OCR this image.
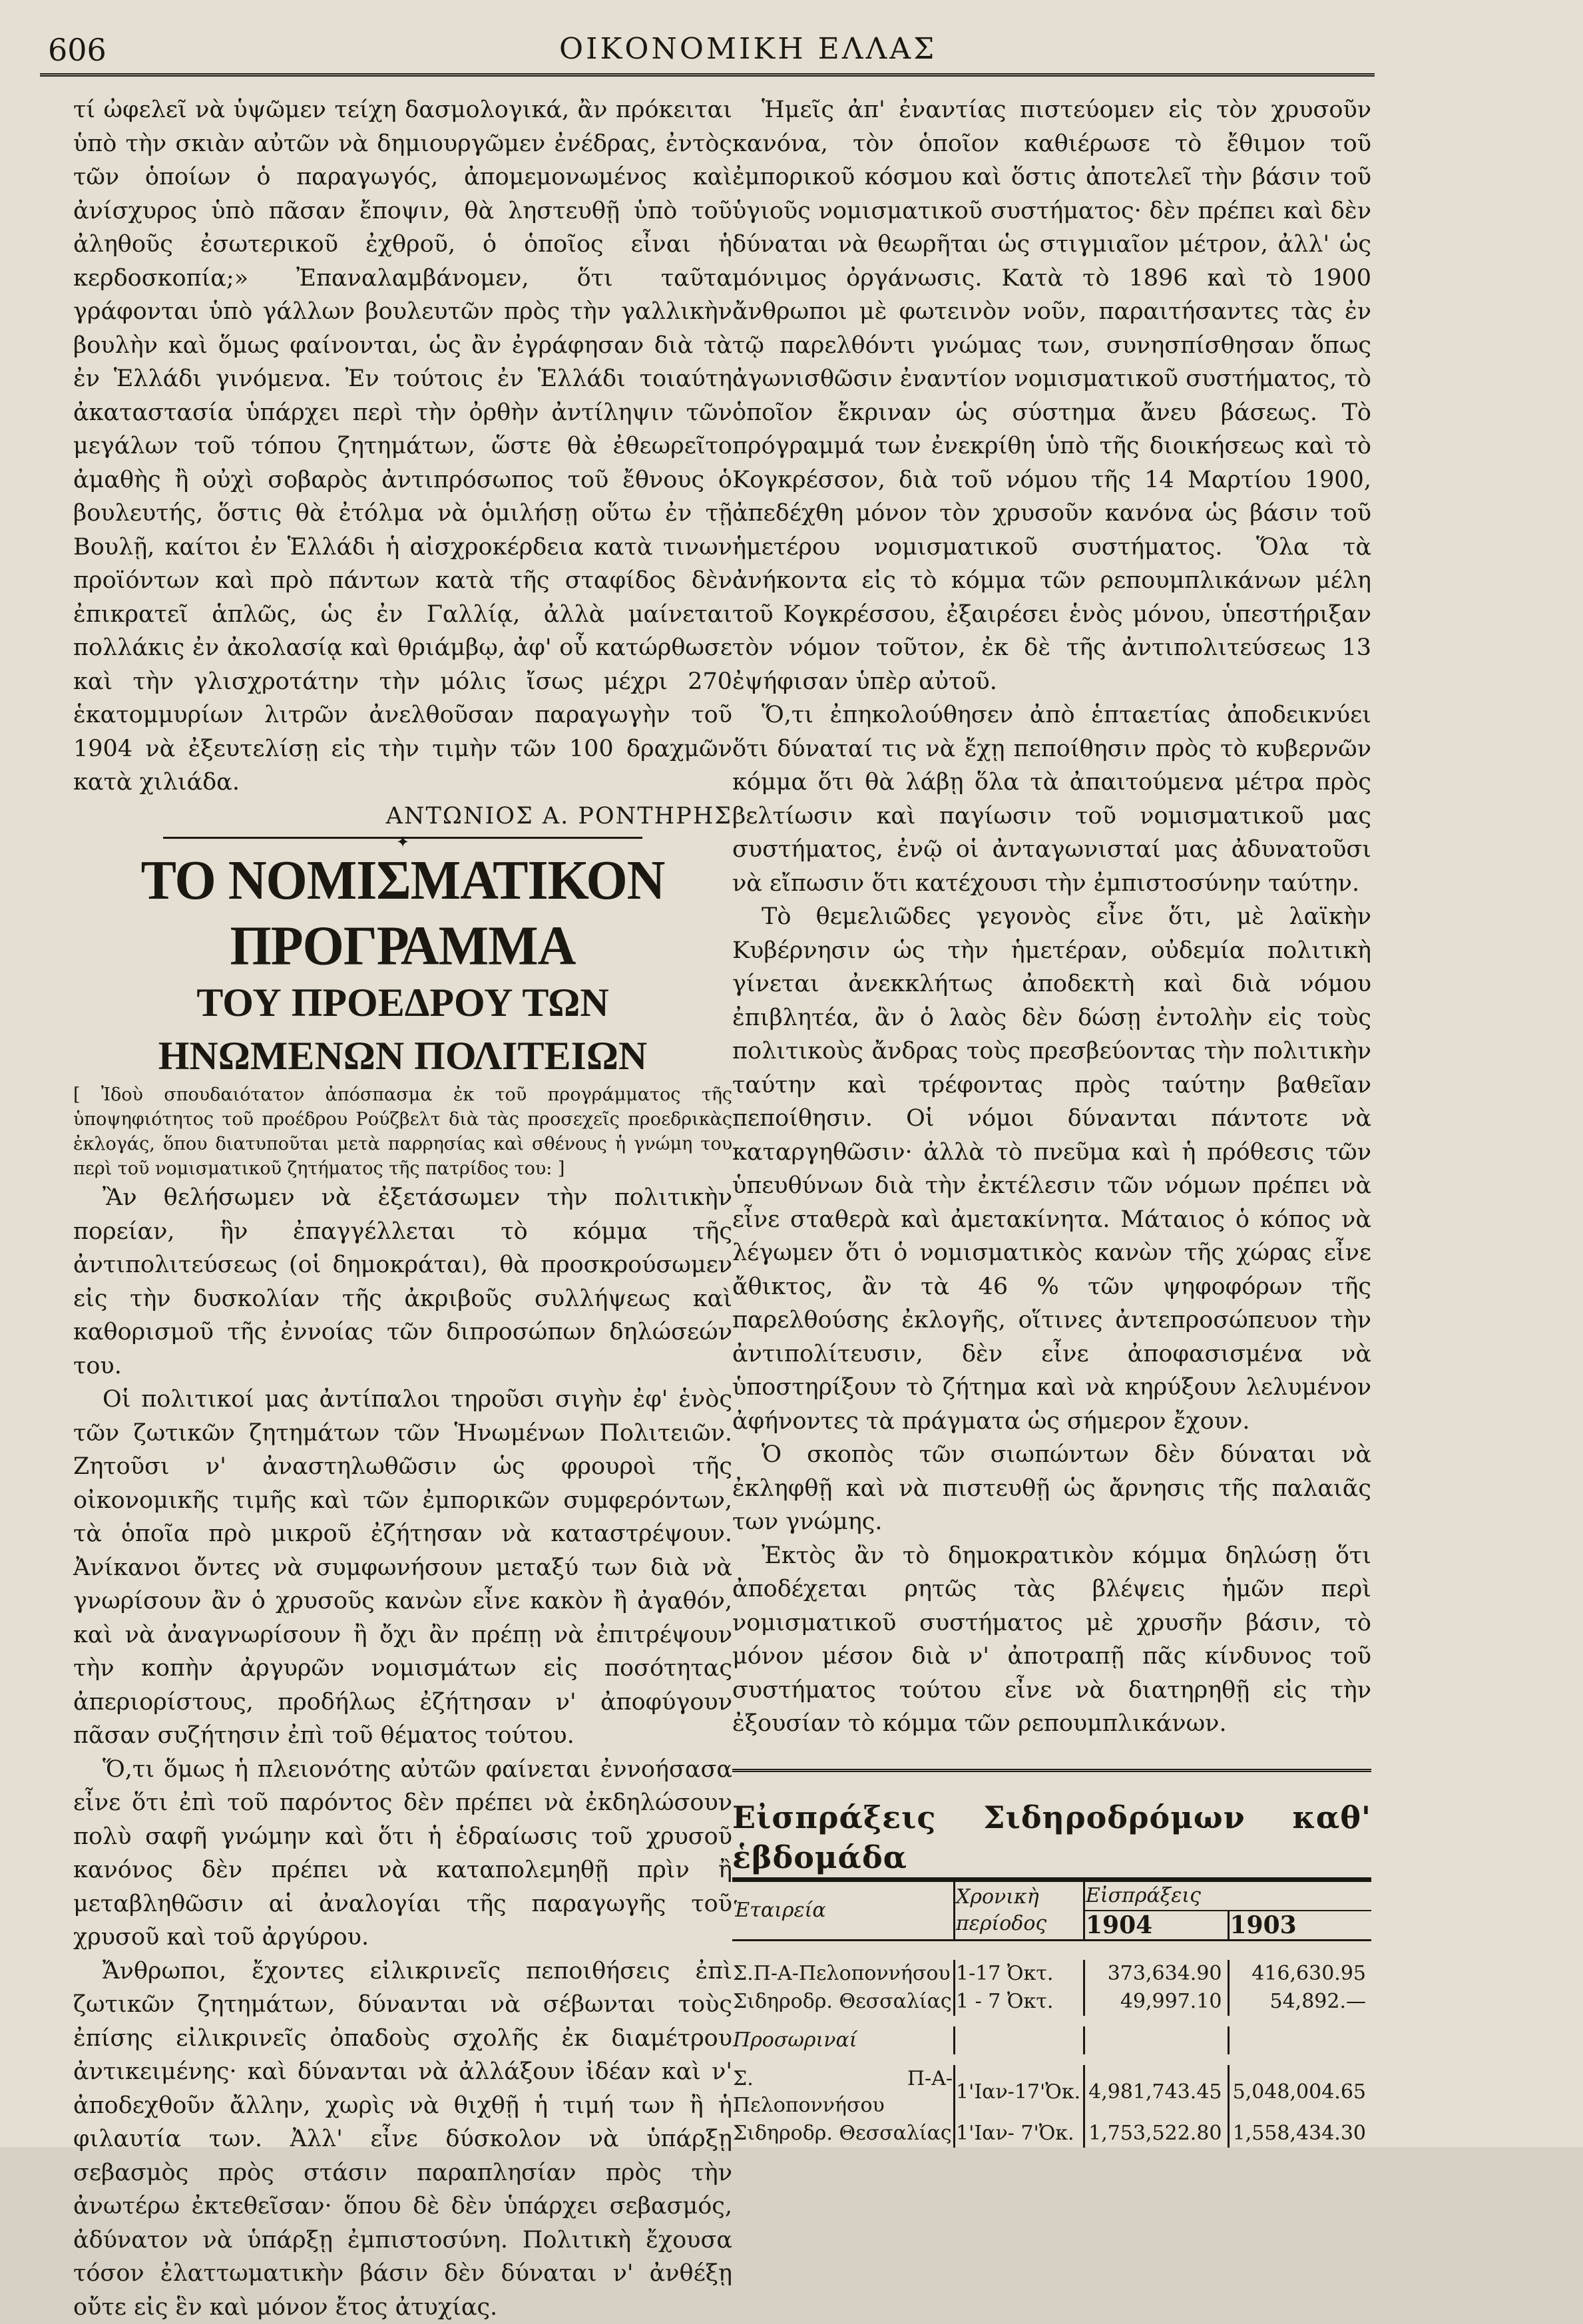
606	ΟΙΚΟΝΟΜΙΚΗ ΕΛΛΑΣ

τί ὠφελεῖ νὰ ὑψῶμεν τείχη δασμολογικά, ἂν πρόκειται ὑπὸ τὴν σκιὰν αὐτῶν νὰ δημιουργῶμεν ἐνέδρας, ἐντὸς τῶν ὁποίων ὁ παραγωγός, ἀπομεμονωμένος καὶ ἀνίσχυρος ὑπὸ πᾶσαν ἔποψιν, θὰ ληστευθῇ ὑπὸ τοῦ ἀληθοῦς ἐσωτερικοῦ ἐχθροῦ, ὁ ὁποῖος εἶναι ἡ κερδοσκοπία;» Ἐπαναλαμβάνομεν, ὅτι ταῦτα γράφονται ὑπὸ γάλλων βουλευτῶν πρὸς τὴν γαλλικὴν βουλὴν καὶ ὅμως φαίνονται, ὡς ἂν ἐγράφησαν διὰ τὰ ἐν Ἑλλάδι γινόμενα. Ἐν τούτοις ἐν Ἑλλάδι τοιαύτη ἀκαταστασία ὑπάρχει περὶ τὴν ὀρθὴν ἀντίληψιν τῶν μεγάλων τοῦ τόπου ζητημάτων, ὥστε θὰ ἐθεωρεῖτο ἀμαθὴς ἢ οὐχὶ σοβαρὸς ἀντιπρόσωπος τοῦ ἔθνους ὁ βουλευτής, ὅστις θὰ ἐτόλμα νὰ ὁμιλήσῃ οὕτω ἐν τῇ Βουλῇ, καίτοι ἐν Ἑλλάδι ἡ αἰσχροκέρδεια κατὰ τινων προϊόντων καὶ πρὸ πάντων κατὰ τῆς σταφίδος δὲν ἐπικρατεῖ ἁπλῶς, ὡς ἐν Γαλλίᾳ, ἀλλὰ μαίνεται πολλάκις ἐν ἀκολασίᾳ καὶ θριάμβῳ, ἀφ' οὗ κατώρθωσε καὶ τὴν γλισχροτάτην τὴν μόλις ἴσως μέχρι 270 ἑκατομμυρίων λιτρῶν ἀνελθοῦσαν παραγωγὴν τοῦ 1904 νὰ ἐξευτελίσῃ εἰς τὴν τιμὴν τῶν 100 δραχμῶν κατὰ χιλιάδα.

ΑΝΤΩΝΙΟΣ Α. ΡΟΝΤΗΡΗΣ

✦

ΤΟ ΝΟΜΙΣΜΑΤΙΚΟΝ ΠΡΟΓΡΑΜΜΑ

ΤΟΥ ΠΡΟΕΔΡΟΥ ΤΩΝ ΗΝΩΜΕΝΩΝ ΠΟΛΙΤΕΙΩΝ

[ Ἰδοὺ σπουδαιότατον ἀπόσπασμα ἐκ τοῦ προγράμματος τῆς ὑποψηφιότητος τοῦ προέδρου Ρούζβελτ διὰ τὰς προσεχεῖς προεδρικὰς ἐκλογάς, ὅπου διατυποῦται μετὰ παρρησίας καὶ σθένους ἡ γνώμη του περὶ τοῦ νομισματικοῦ ζητήματος τῆς πατρίδος του: ]

Ἂν θελήσωμεν νὰ ἐξετάσωμεν τὴν πολιτικὴν πορείαν, ἣν ἐπαγγέλλεται τὸ κόμμα τῆς ἀντιπολιτεύσεως (οἱ δημοκράται), θὰ προσκρούσωμεν εἰς τὴν δυσκολίαν τῆς ἀκριβοῦς συλλήψεως καὶ καθορισμοῦ τῆς ἐννοίας τῶν διπροσώπων δηλώσεών του.

Οἱ πολιτικοί μας ἀντίπαλοι τηροῦσι σιγὴν ἐφ' ἑνὸς τῶν ζωτικῶν ζητημάτων τῶν Ἡνωμένων Πολιτειῶν. Ζητοῦσι ν' ἀναστηλωθῶσιν ὡς φρουροὶ τῆς οἰκονομικῆς τιμῆς καὶ τῶν ἐμπορικῶν συμφερόντων, τὰ ὁποῖα πρὸ μικροῦ ἐζήτησαν νὰ καταστρέψουν. Ἀνίκανοι ὄντες νὰ συμφωνήσουν μεταξύ των διὰ νὰ γνωρίσουν ἂν ὁ χρυσοῦς κανὼν εἶνε κακὸν ἢ ἀγαθόν, καὶ νὰ ἀναγνωρίσουν ἢ ὄχι ἂν πρέπῃ νὰ ἐπιτρέψουν τὴν κοπὴν ἀργυρῶν νομισμάτων εἰς ποσότητας ἀπεριορίστους, προδήλως ἐζήτησαν ν' ἀποφύγουν πᾶσαν συζήτησιν ἐπὶ τοῦ θέματος τούτου.

Ὅ,τι ὅμως ἡ πλειονότης αὐτῶν φαίνεται ἐννοήσασα εἶνε ὅτι ἐπὶ τοῦ παρόντος δὲν πρέπει νὰ ἐκδηλώσουν πολὺ σαφῆ γνώμην καὶ ὅτι ἡ ἑδραίωσις τοῦ χρυσοῦ κανόνος δὲν πρέπει νὰ καταπολεμηθῇ πρὶν ἢ μεταβληθῶσιν αἱ ἀναλογίαι τῆς παραγωγῆς τοῦ χρυσοῦ καὶ τοῦ ἀργύρου.

Ἄνθρωποι, ἔχοντες εἰλικρινεῖς πεποιθήσεις ἐπὶ ζωτικῶν ζητημάτων, δύνανται νὰ σέβωνται τοὺς ἐπίσης εἰλικρινεῖς ὀπαδοὺς σχολῆς ἐκ διαμέτρου ἀντικειμένης· καὶ δύνανται νὰ ἀλλάξουν ἰδέαν καὶ ν' ἀποδεχθοῦν ἄλλην, χωρὶς νὰ θιχθῇ ἡ τιμή των ἢ ἡ φιλαυτία των. Ἀλλ' εἶνε δύσκολον νὰ ὑπάρξῃ σεβασμὸς πρὸς στάσιν παραπλησίαν πρὸς τὴν ἀνωτέρω ἐκτεθεῖσαν· ὅπου δὲ δὲν ὑπάρχει σεβασμός, ἀδύνατον νὰ ὑπάρξῃ ἐμπιστοσύνη. Πολιτικὴ ἔχουσα τόσον ἐλαττωματικὴν βάσιν δὲν δύναται ν' ἀνθέξῃ οὔτε εἰς ἓν καὶ μόνον ἔτος ἀτυχίας.

Ἡμεῖς ἀπ' ἐναντίας πιστεύομεν εἰς τὸν χρυσοῦν κανόνα, τὸν ὁποῖον καθιέρωσε τὸ ἔθιμον τοῦ ἐμπορικοῦ κόσμου καὶ ὅστις ἀποτελεῖ τὴν βάσιν τοῦ ὑγιοῦς νομισματικοῦ συστήματος· δὲν πρέπει καὶ δὲν δύναται νὰ θεωρῆται ὡς στιγμιαῖον μέτρον, ἀλλ' ὡς μόνιμος ὀργάνωσις. Κατὰ τὸ 1896 καὶ τὸ 1900 ἄνθρωποι μὲ φωτεινὸν νοῦν, παραιτήσαντες τὰς ἐν τῷ παρελθόντι γνώμας των, συνησπίσθησαν ὅπως ἀγωνισθῶσιν ἐναντίον νομισματικοῦ συστήματος, τὸ ὁποῖον ἔκριναν ὡς σύστημα ἄνευ βάσεως. Τὸ πρόγραμμά των ἐνεκρίθη ὑπὸ τῆς διοικήσεως καὶ τὸ Κογκρέσσον, διὰ τοῦ νόμου τῆς 14 Μαρτίου 1900, ἀπεδέχθη μόνον τὸν χρυσοῦν κανόνα ὡς βάσιν τοῦ ἡμετέρου νομισματικοῦ συστήματος. Ὅλα τὰ ἀνήκοντα εἰς τὸ κόμμα τῶν ρεπουμπλικάνων μέλη τοῦ Κογκρέσσου, ἐξαιρέσει ἑνὸς μόνου, ὑπεστήριξαν τὸν νόμον τοῦτον, ἐκ δὲ τῆς ἀντιπολιτεύσεως 13 ἐψήφισαν ὑπὲρ αὐτοῦ.

Ὅ,τι ἐπηκολούθησεν ἀπὸ ἑπταετίας ἀποδεικνύει ὅτι δύναταί τις νὰ ἔχῃ πεποίθησιν πρὸς τὸ κυβερνῶν κόμμα ὅτι θὰ λάβῃ ὅλα τὰ ἀπαιτούμενα μέτρα πρὸς βελτίωσιν καὶ παγίωσιν τοῦ νομισματικοῦ μας συστήματος, ἐνῷ οἱ ἀνταγωνισταί μας ἀδυνατοῦσι νὰ εἴπωσιν ὅτι κατέχουσι τὴν ἐμπιστοσύνην ταύτην.

Τὸ θεμελιῶδες γεγονὸς εἶνε ὅτι, μὲ λαϊκὴν Κυβέρνησιν ὡς τὴν ἡμετέραν, οὐδεμία πολιτικὴ γίνεται ἀνεκκλήτως ἀποδεκτὴ καὶ διὰ νόμου ἐπιβλητέα, ἂν ὁ λαὸς δὲν δώσῃ ἐντολὴν εἰς τοὺς πολιτικοὺς ἄνδρας τοὺς πρεσβεύοντας τὴν πολιτικὴν ταύτην καὶ τρέφοντας πρὸς ταύτην βαθεῖαν πεποίθησιν. Οἱ νόμοι δύνανται πάντοτε νὰ καταργηθῶσιν· ἀλλὰ τὸ πνεῦμα καὶ ἡ πρόθεσις τῶν ὑπευθύνων διὰ τὴν ἐκτέλεσιν τῶν νόμων πρέπει νὰ εἶνε σταθερὰ καὶ ἀμετακίνητα. Μάταιος ὁ κόπος νὰ λέγωμεν ὅτι ὁ νομισματικὸς κανὼν τῆς χώρας εἶνε ἄθικτος, ἂν τὰ 46 % τῶν ψηφοφόρων τῆς παρελθούσης ἐκλογῆς, οἵτινες ἀντεπροσώπευον τὴν ἀντιπολίτευσιν, δὲν εἶνε ἀποφασισμένα νὰ ὑποστηρίξουν τὸ ζήτημα καὶ νὰ κηρύξουν λελυμένον ἀφήνοντες τὰ πράγματα ὡς σήμερον ἔχουν.

Ὁ σκοπὸς τῶν σιωπώντων δὲν δύναται νὰ ἐκληφθῇ καὶ νὰ πιστευθῇ ὡς ἄρνησις τῆς παλαιᾶς των γνώμης.

Ἐκτὸς ἂν τὸ δημοκρατικὸν κόμμα δηλώσῃ ὅτι ἀποδέχεται ρητῶς τὰς βλέψεις ἡμῶν περὶ νομισματικοῦ συστήματος μὲ χρυσῆν βάσιν, τὸ μόνον μέσον διὰ ν' ἀποτραπῇ πᾶς κίνδυνος τοῦ συστήματος τούτου εἶνε νὰ διατηρηθῇ εἰς τὴν ἐξουσίαν τὸ κόμμα τῶν ρεπουμπλικάνων.

Εἰσπράξεις Σιδηροδρόμων καθ' ἑβδομάδα

Ἑταιρεία	Χρονικὴ περίοδος	Εἰσπράξεις	
		1904	1903

Σ.Π-Α-Πελοποννήσου	1-17 Ὀκτ.	373,634.90	416,630.95
Σιδηροδρ. Θεσσαλίας	1 - 7 Ὀκτ.	49,997.10	54,892.—

Προσωριναί			

Σ. Π-Α-Πελοποννήσου	1'Ιαν-17'Ὀκ.	4,981,743.45	5,048,004.65
Σιδηροδρ. Θεσσαλίας	1'Ιαν- 7'Ὀκ.	1,753,522.80	1,558,434.30
